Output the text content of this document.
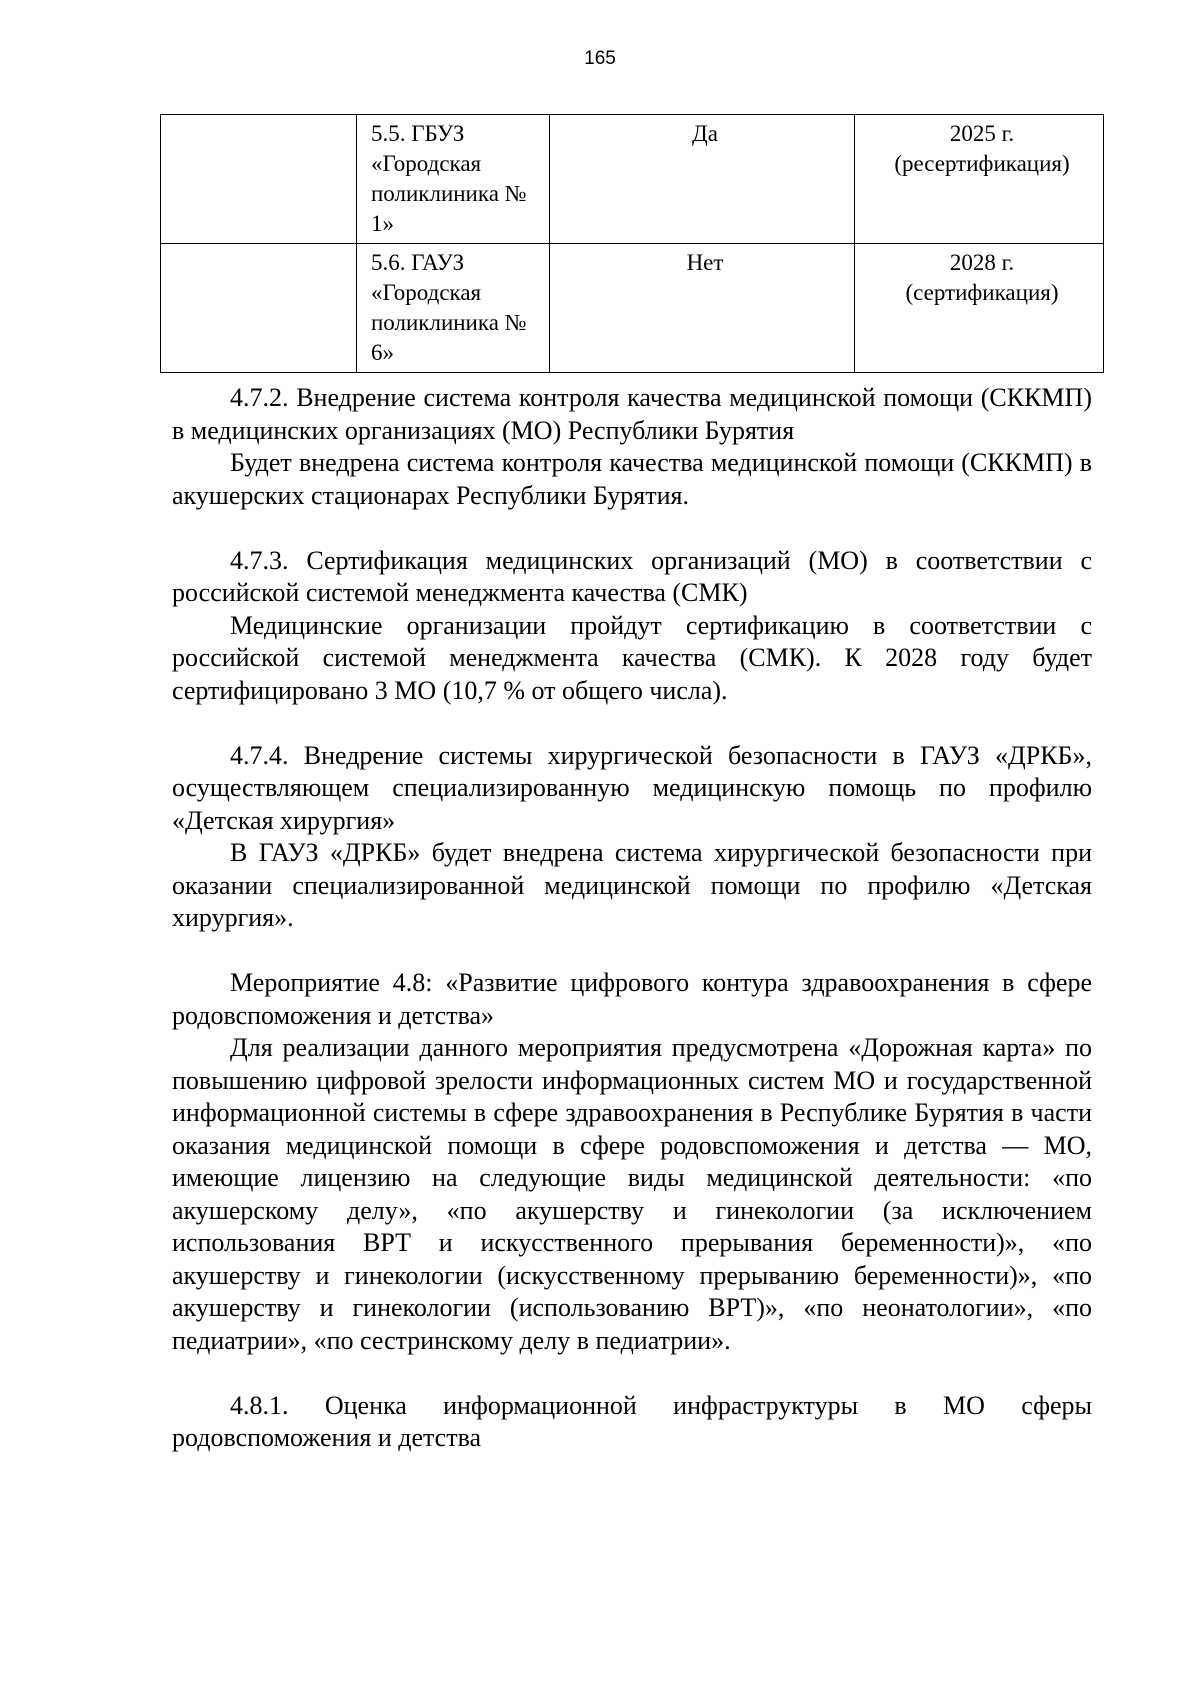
165

	5.5. ГБУЗ
«Городская
поликлиника №
1»	Да	2025 г.
(ресертификация)

	5.6. ГАУЗ
«Городская
поликлиника №
6»	Нет	2028 г.
(сертификация)

4.7.2. Внедрение система контроля качества медицинской помощи (СККМП) в медицинских организациях (МО) Республики Бурятия

Будет внедрена система контроля качества медицинской помощи (СККМП) в акушерских стационарах Республики Бурятия.

4.7.3. Сертификация медицинских организаций (МО) в соответствии с российской системой менеджмента качества (СМК)

Медицинские организации пройдут сертификацию в соответствии с российской системой менеджмента качества (СМК). К 2028 году будет сертифицировано 3 МО (10,7 % от общего числа).

4.7.4. Внедрение системы хирургической безопасности в ГАУЗ «ДРКБ», осуществляющем специализированную медицинскую помощь по профилю «Детская хирургия»

В ГАУЗ «ДРКБ» будет внедрена система хирургической безопасности при оказании специализированной медицинской помощи по профилю «Детская хирургия».

Мероприятие 4.8: «Развитие цифрового контура здравоохранения в сфере родовспоможения и детства»

Для реализации данного мероприятия предусмотрена «Дорожная карта» по повышению цифровой зрелости информационных систем МО и государственной информационной системы в сфере здравоохранения в Республике Бурятия в части оказания медицинской помощи в сфере родовспоможения и детства — МО, имеющие лицензию на следующие виды медицинской деятельности: «по акушерскому делу», «по акушерству и гинекологии (за исключением использования ВРТ и искусственного прерывания беременности)», «по акушерству и гинекологии (искусственному прерыванию беременности)», «по акушерству и гинекологии (использованию ВРТ)», «по неонатологии», «по педиатрии», «по сестринскому делу в педиатрии».

4.8.1. Оценка информационной инфраструктуры в МО сферы родовспоможения и детства
